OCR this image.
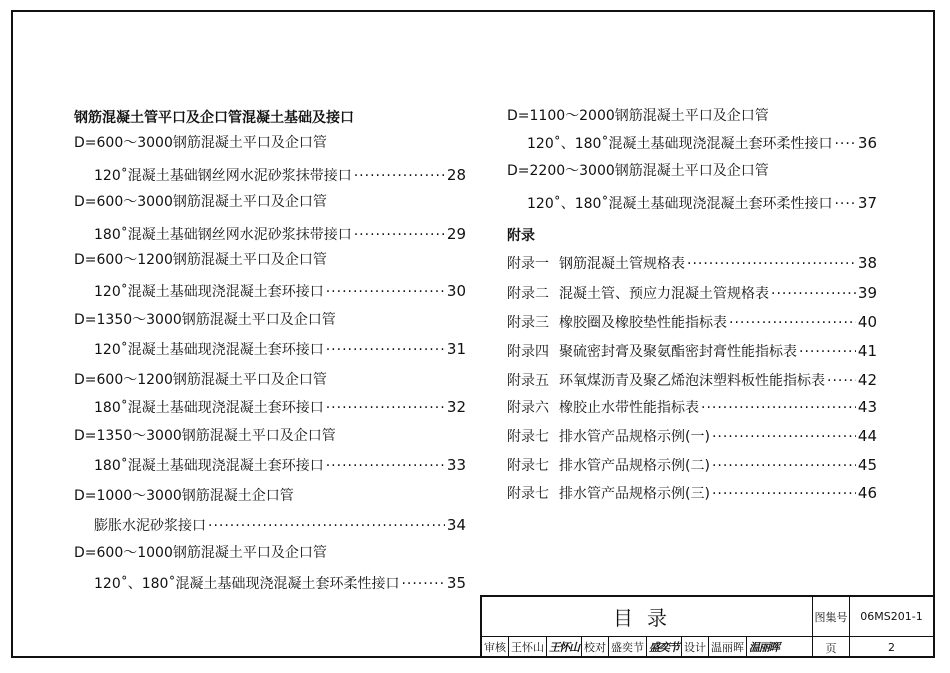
钢筋混凝土管平口及企口管混凝土基础及接口
D=600～3000钢筋混凝土平口及企口管
120˚混凝土基础钢丝网水泥砂浆抹带接口 ·····	28
D=600～3000钢筋混凝土平口及企口管
180˚混凝土基础钢丝网水泥砂浆抹带接口 ·····	29
D=600～1200钢筋混凝土平口及企口管
120˚混凝土基础现浇混凝土套环接口 ·····	30
D=1350～3000钢筋混凝土平口及企口管
120˚混凝土基础现浇混凝土套环接口 ·····	31
D=600～1200钢筋混凝土平口及企口管
180˚混凝土基础现浇混凝土套环接口 ·····	32
D=1350～3000钢筋混凝土平口及企口管
180˚混凝土基础现浇混凝土套环接口 ·····	33
D=1000～3000钢筋混凝土企口管
膨胀水泥砂浆接口 ·····	34
D=600～1000钢筋混凝土平口及企口管
120˚、180˚混凝土基础现浇混凝土套环柔性接口 ·····	35
D=1100～2000钢筋混凝土平口及企口管
120˚、180˚混凝土基础现浇混凝土套环柔性接口 ····· 36
D=2200～3000钢筋混凝土平口及企口管
120˚、180˚混凝土基础现浇混凝土套环柔性接口 ····· 37
附录
附录一 钢筋混凝土管规格表 ·····	38
附录二 混凝土管、预应力混凝土管规格表 ·····	39
附录三 橡胶圈及橡胶垫性能指标表 ·····	40
附录四 聚硫密封膏及聚氨酯密封膏性能指标表 ·····	41
附录五 环氧煤沥青及聚乙烯泡沫塑料板性能指标表 ····· 42
附录六 橡胶止水带性能指标表 ·····	43
附录七 排水管产品规格示例(一) ·····	44
附录七 排水管产品规格示例(二) ·····	45
附录七 排水管产品规格示例(三) ·····	46
目录
审核 王怀山 王怀山 校对 盛奕节 盛奕节 设计 温丽晖 温丽晖
图集号	06MS201-1
页	2
